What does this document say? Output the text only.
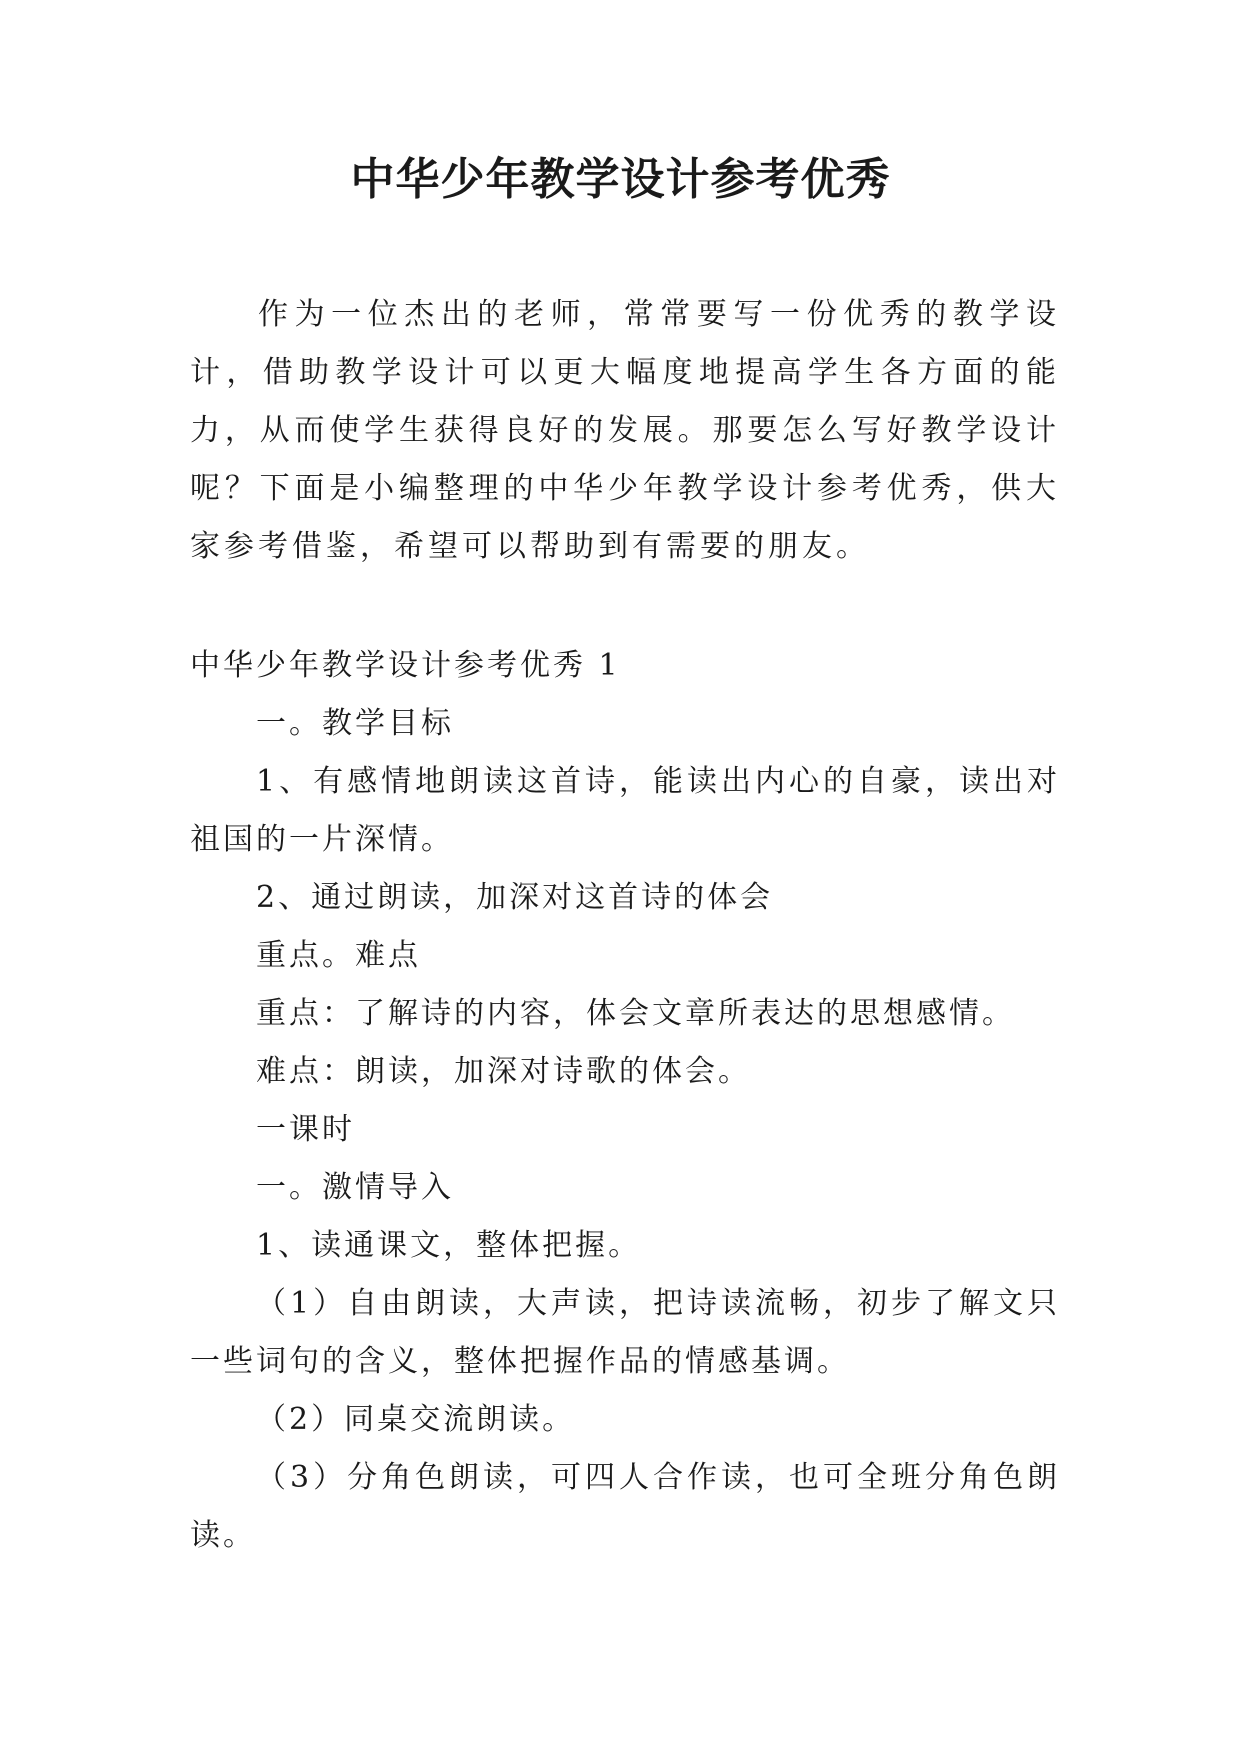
中华少年教学设计参考优秀

作为一位杰出的老师，常常要写一份优秀的教学设计，借助教学设计可以更大幅度地提高学生各方面的能力，从而使学生获得良好的发展。那要怎么写好教学设计呢？下面是小编整理的中华少年教学设计参考优秀，供大家参考借鉴，希望可以帮助到有需要的朋友。

中华少年教学设计参考优秀 1

一。教学目标

1、有感情地朗读这首诗，能读出内心的自豪，读出对祖国的一片深情。

2、通过朗读，加深对这首诗的体会

重点。难点

重点：了解诗的内容，体会文章所表达的思想感情。

难点：朗读，加深对诗歌的体会。

一课时

一。激情导入

1、读通课文，整体把握。

（1）自由朗读，大声读，把诗读流畅，初步了解文只一些词句的含义，整体把握作品的情感基调。

（2）同桌交流朗读。

（3）分角色朗读，可四人合作读，也可全班分角色朗读。
